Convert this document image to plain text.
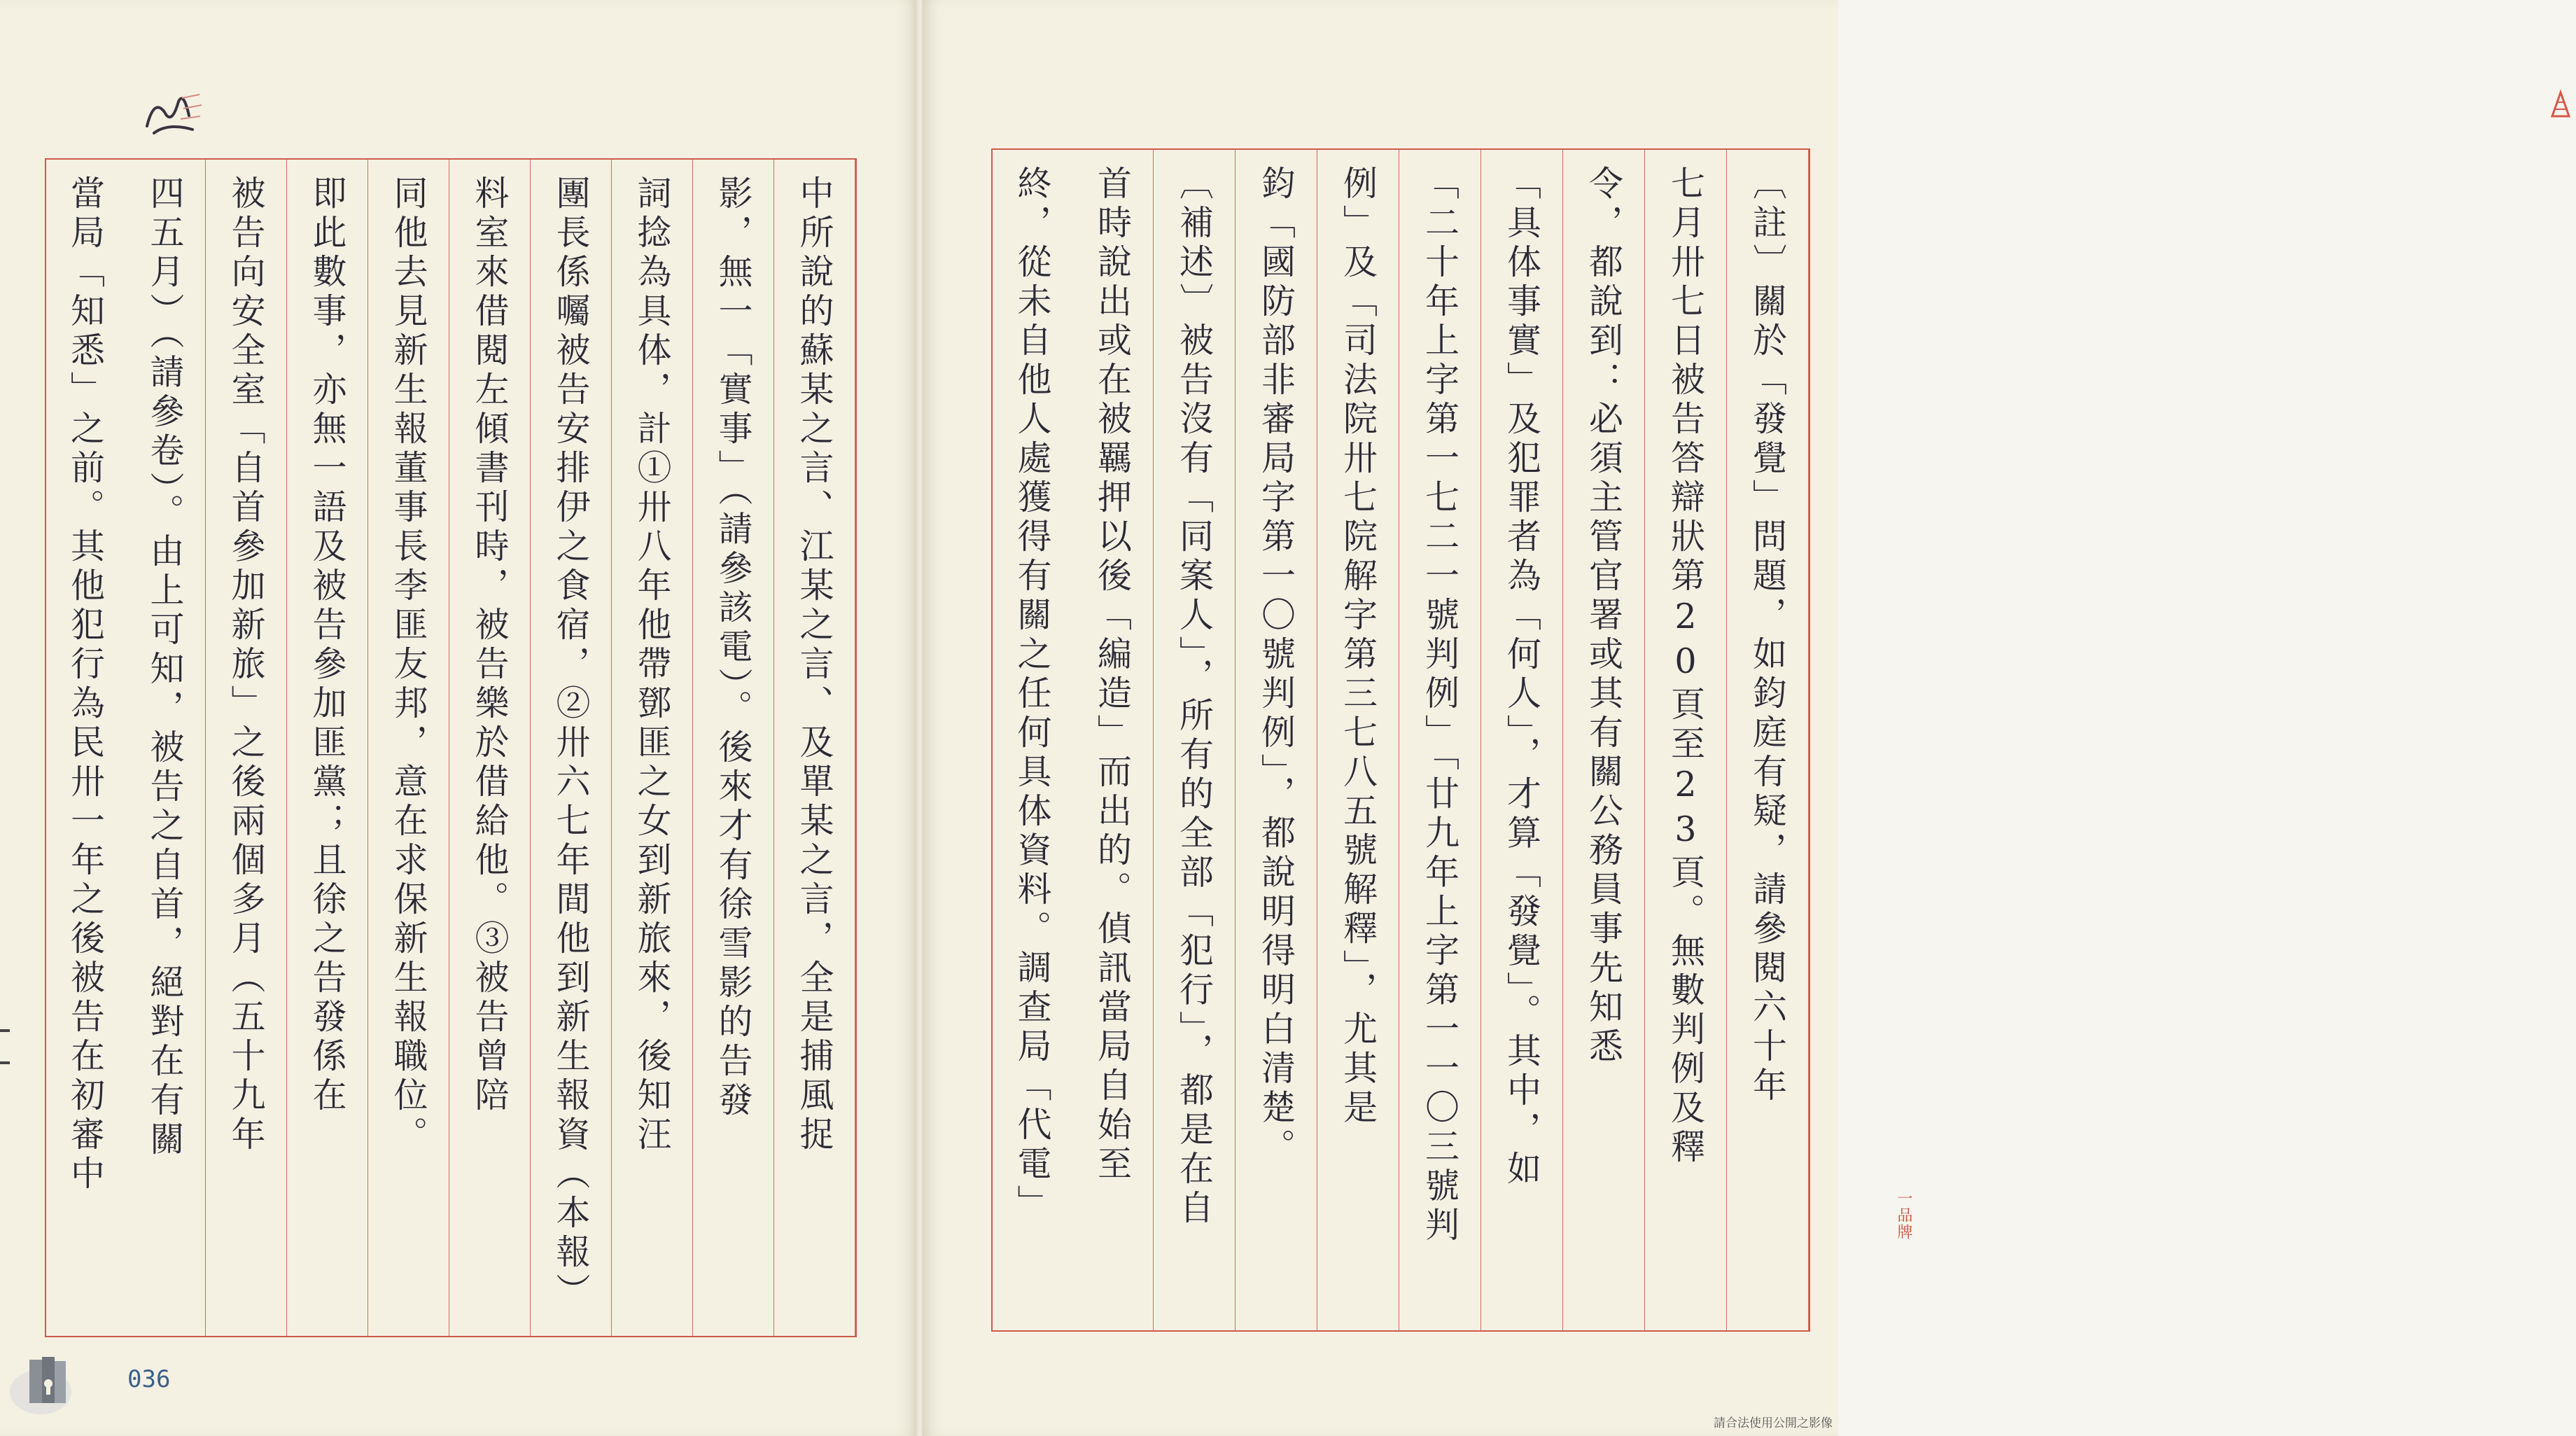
中所說的蘇某之言、江某之言、及單某之言，全是捕風捉
影，無一「實事」（請參該電）。後來才有徐雪影的告發
詞捻為具体，計①卅八年他帶鄧匪之女到新旅來，後知汪
團長係囑被告安排伊之食宿，②卅六七年間他到新生報資（本報）
料室來借閱左傾書刊時，被告樂於借給他。③被告曾陪
同他去見新生報董事長李匪友邦，意在求保新生報職位。
即此數事，亦無一語及被告參加匪黨；且徐之告發係在
被告向安全室「自首參加新旅」之後兩個多月（五十九年
四五月）（請參卷）。由上可知，被告之自首，絕對在有關
當局「知悉」之前。其他犯行為民卅一年之後被告在初審中
036
〔註〕關於「發覺」問題，如鈞庭有疑，請參閱六十年
七月卅七日被告答辯狀第20頁至23頁。無數判例及釋
令，都說到：必須主管官署或其有關公務員事先知悉
「具体事實」及犯罪者為「何人」，才算「發覺」。其中，如
「二十年上字第一七二一號判例」「廿九年上字第一一〇三號判
例」及「司法院卅七院解字第三七八五號解釋」，尤其是
鈞「國防部非審局字第一〇號判例」，都說明得明白清楚。
〔補述〕被告沒有「同案人」，所有的全部「犯行」，都是在自
首時說出或在被羈押以後「編造」而出的。偵訊當局自始至
終，從未自他人處獲得有關之任何具体資料。調查局「代電」	一品牌
請合法使用公開之影像
